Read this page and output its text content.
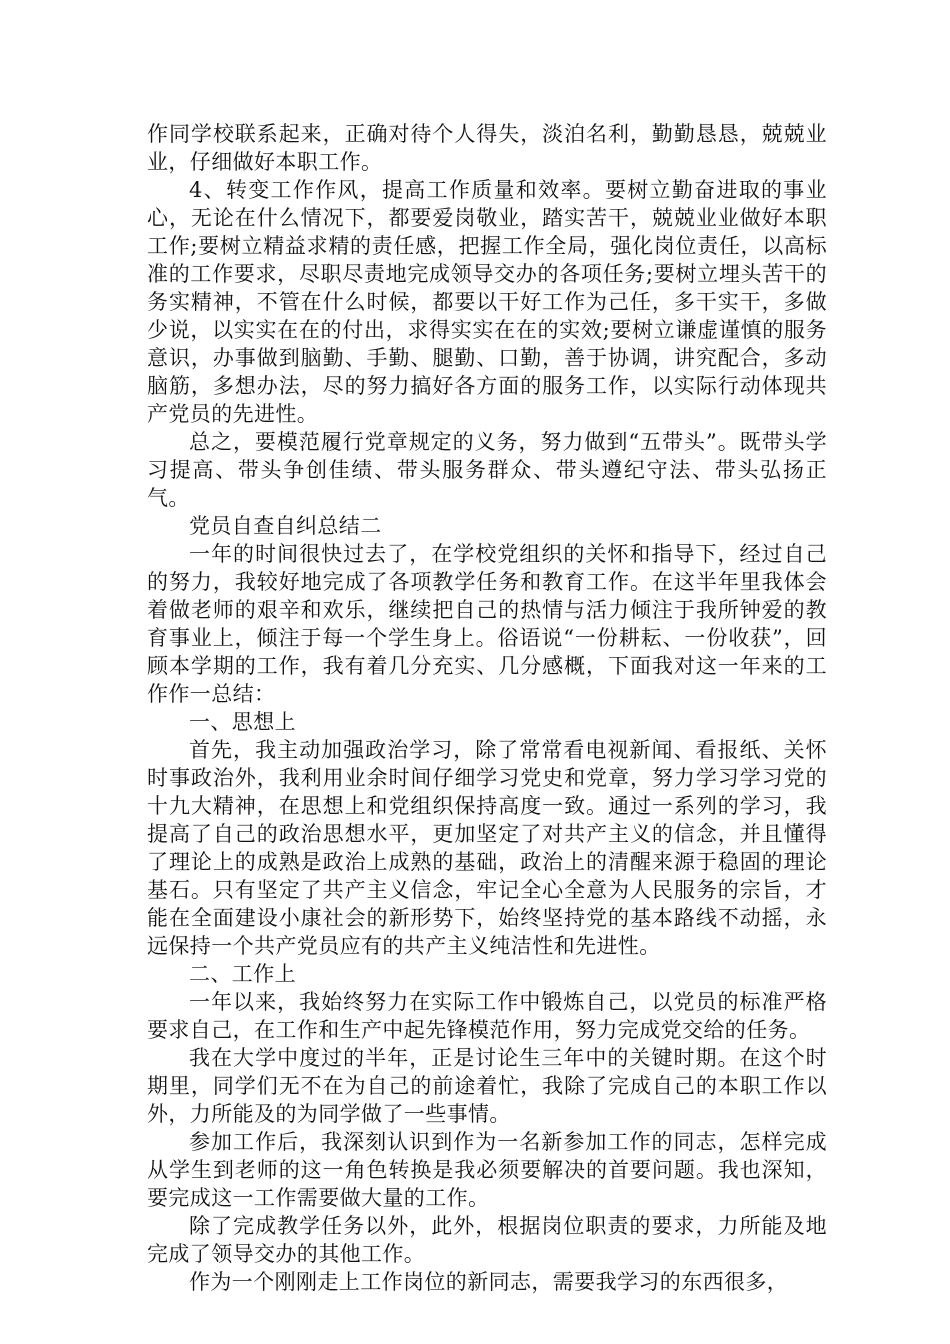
作同学校联系起来，正确对待个人得失，淡泊名利，勤勤恳恳，兢兢业业，仔细做好本职工作。

4、转变工作作风，提高工作质量和效率。要树立勤奋进取的事业心，无论在什么情况下，都要爱岗敬业，踏实苦干，兢兢业业做好本职工作;要树立精益求精的责任感，把握工作全局，强化岗位责任，以高标准的工作要求，尽职尽责地完成领导交办的各项任务;要树立埋头苦干的务实精神，不管在什么时候，都要以干好工作为己任，多干实干，多做少说，以实实在在的付出，求得实实在在的实效;要树立谦虚谨慎的服务意识，办事做到脑勤、手勤、腿勤、口勤，善于协调，讲究配合，多动脑筋，多想办法，尽的努力搞好各方面的服务工作，以实际行动体现共产党员的先进性。

总之，要模范履行党章规定的义务，努力做到“五带头”。既带头学习提高、带头争创佳绩、带头服务群众、带头遵纪守法、带头弘扬正气。

党员自查自纠总结二

一年的时间很快过去了，在学校党组织的关怀和指导下，经过自己的努力，我较好地完成了各项教学任务和教育工作。在这半年里我体会着做老师的艰辛和欢乐，继续把自己的热情与活力倾注于我所钟爱的教育事业上，倾注于每一个学生身上。俗语说“一份耕耘、一份收获”，回顾本学期的工作，我有着几分充实、几分感概，下面我对这一年来的工作作一总结：

一、思想上

首先，我主动加强政治学习，除了常常看电视新闻、看报纸、关怀时事政治外，我利用业余时间仔细学习党史和党章，努力学习学习党的十九大精神，在思想上和党组织保持高度一致。通过一系列的学习，我提高了自己的政治思想水平，更加坚定了对共产主义的信念，并且懂得了理论上的成熟是政治上成熟的基础，政治上的清醒来源于稳固的理论基石。只有坚定了共产主义信念，牢记全心全意为人民服务的宗旨，才能在全面建设小康社会的新形势下，始终坚持党的基本路线不动摇，永远保持一个共产党员应有的共产主义纯洁性和先进性。

二、工作上

一年以来，我始终努力在实际工作中锻炼自己，以党员的标准严格要求自己，在工作和生产中起先锋模范作用，努力完成党交给的任务。

我在大学中度过的半年，正是讨论生三年中的关键时期。在这个时期里，同学们无不在为自己的前途着忙，我除了完成自己的本职工作以外，力所能及的为同学做了一些事情。

参加工作后，我深刻认识到作为一名新参加工作的同志，怎样完成从学生到老师的这一角色转换是我必须要解决的首要问题。我也深知，要完成这一工作需要做大量的工作。

除了完成教学任务以外，此外，根据岗位职责的要求，力所能及地完成了领导交办的其他工作。

作为一个刚刚走上工作岗位的新同志，需要我学习的东西很多，
